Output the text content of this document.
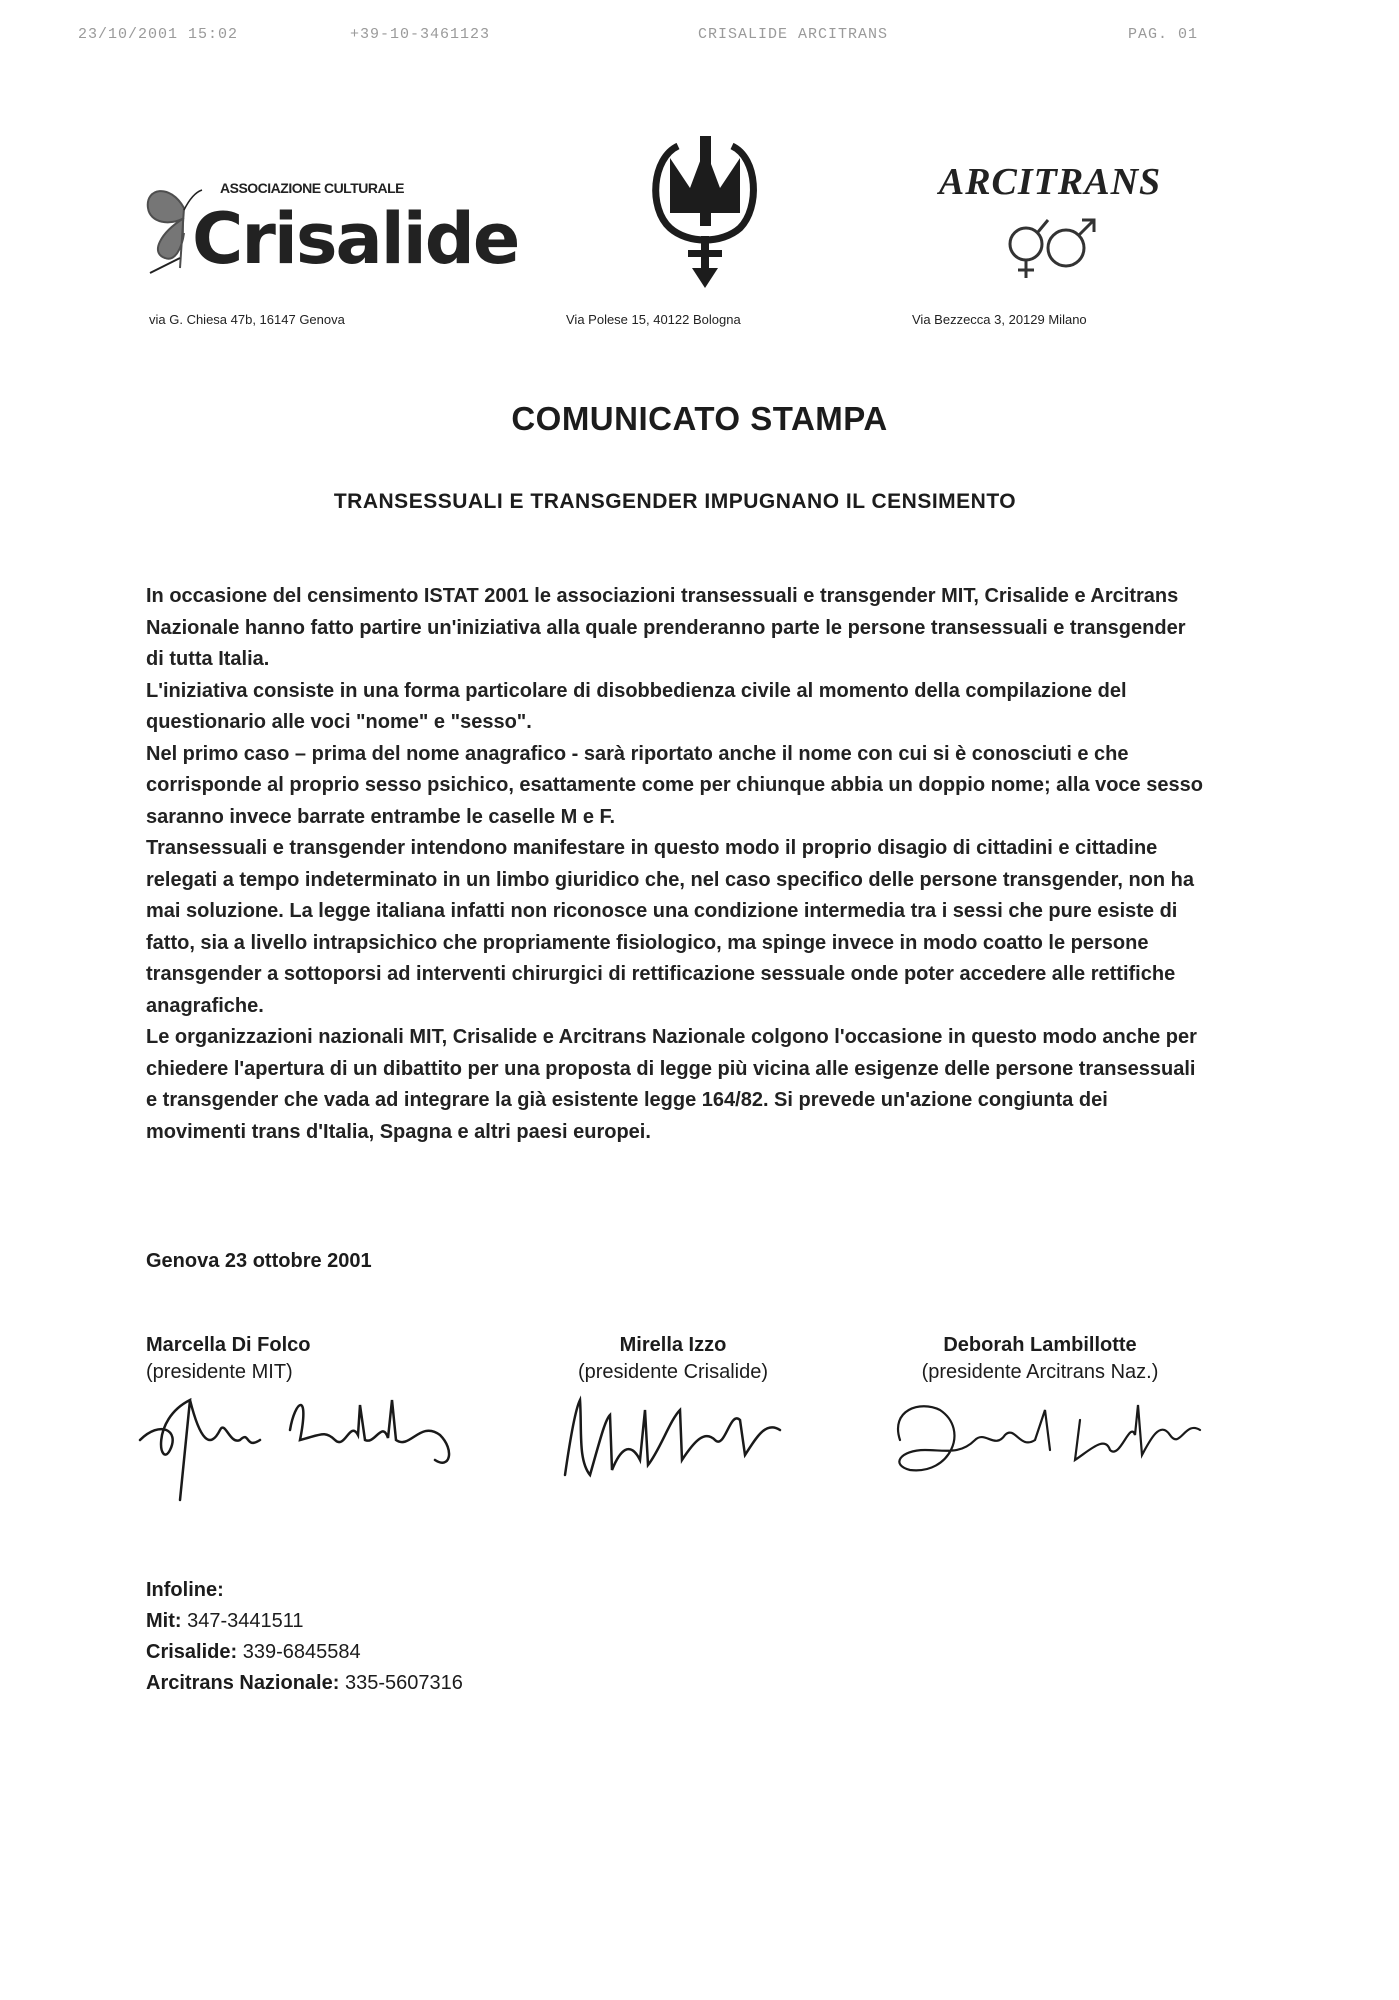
23/10/2001 15:02	+39-10-3461123	CRISALIDE ARCITRANS	PAG. 01
ASSOCIAZIONE CULTURALE
Crisalide
ARCITRANS
via G. Chiesa 47b, 16147 Genova	Via Polese 15, 40122 Bologna	Via Bezzecca 3, 20129 Milano
COMUNICATO STAMPA
TRANSESSUALI E TRANSGENDER IMPUGNANO IL CENSIMENTO

In occasione del censimento ISTAT 2001 le associazioni transessuali e transgender MIT, Crisalide e Arcitrans Nazionale hanno fatto partire un'iniziativa alla quale prenderanno parte le persone transessuali e transgender di tutta Italia.

L'iniziativa consiste in una forma particolare di disobbedienza civile al momento della compilazione del questionario alle voci "nome" e "sesso".

Nel primo caso – prima del nome anagrafico - sarà riportato anche il nome con cui si è conosciuti e che corrisponde al proprio sesso psichico, esattamente come per chiunque abbia un doppio nome; alla voce sesso saranno invece barrate entrambe le caselle M e F.

Transessuali e transgender intendono manifestare in questo modo il proprio disagio di cittadini e cittadine relegati a tempo indeterminato in un limbo giuridico che, nel caso specifico delle persone transgender, non ha mai soluzione. La legge italiana infatti non riconosce una condizione intermedia tra i sessi che pure esiste di fatto, sia a livello intrapsichico che propriamente fisiologico, ma spinge invece in modo coatto le persone transgender a sottoporsi ad interventi chirurgici di rettificazione sessuale onde poter accedere alle rettifiche anagrafiche.

Le organizzazioni nazionali MIT, Crisalide e Arcitrans Nazionale colgono l'occasione in questo modo anche per chiedere l'apertura di un dibattito per una proposta di legge più vicina alle esigenze delle persone transessuali e transgender che vada ad integrare la già esistente legge 164/82. Si prevede un'azione congiunta dei movimenti trans d'Italia, Spagna e altri paesi europei.

Genova 23 ottobre 2001
Marcella Di Folco
(presidente MIT)
Mirella Izzo
(presidente Crisalide)
Deborah Lambillotte
(presidente Arcitrans Naz.)
Infoline:
Mit: 347-3441511
Crisalide: 339-6845584
Arcitrans Nazionale: 335-5607316
